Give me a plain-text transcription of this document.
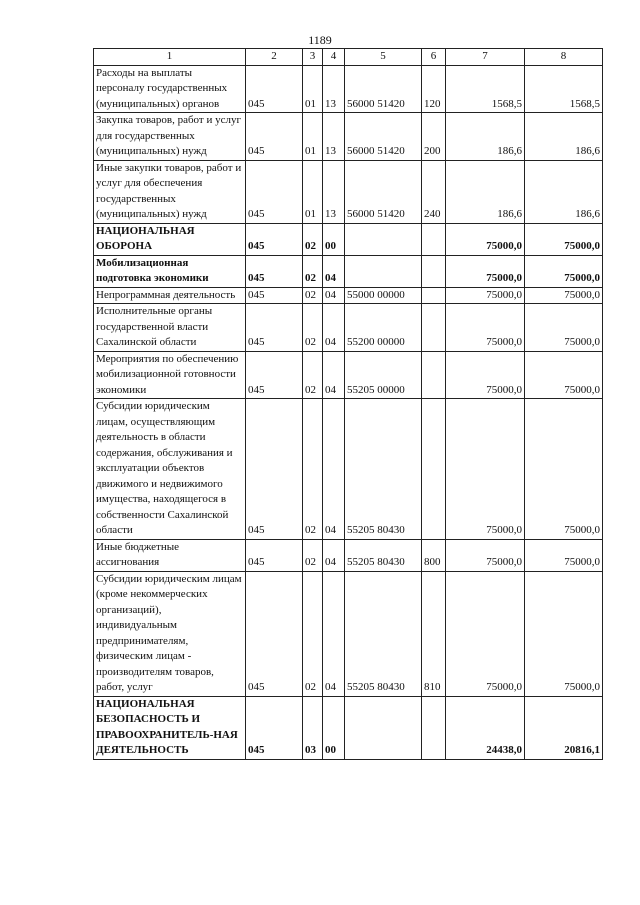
1189
1	2	3	4	5	6	7	8
Расходы на выплаты персоналу государственных (муниципальных) органов	045	01	13	56000 51420	120	1568,5	1568,5
Закупка товаров, работ и услуг для государственных (муниципальных) нужд	045	01	13	56000 51420	200	186,6	186,6
Иные закупки товаров, работ и услуг для обеспечения государственных (муниципальных) нужд	045	01	13	56000 51420	240	186,6	186,6
НАЦИОНАЛЬНАЯ ОБОРОНА	045	02	00			75000,0	75000,0
Мобилизационная подготовка экономики	045	02	04			75000,0	75000,0
Непрограммная деятельность	045	02	04	55000 00000		75000,0	75000,0
Исполнительные органы государственной власти Сахалинской области	045	02	04	55200 00000		75000,0	75000,0
Мероприятия по обеспечению мобилизационной готовности экономики	045	02	04	55205 00000		75000,0	75000,0
Субсидии юридическим лицам, осуществляющим деятельность в области содержания, обслуживания и эксплуатации объектов движимого и недвижимого имущества, находящегося в собственности Сахалинской области	045	02	04	55205 80430		75000,0	75000,0
Иные бюджетные ассигнования	045	02	04	55205 80430	800	75000,0	75000,0
Субсидии юридическим лицам (кроме некоммерческих организаций), индивидуальным предпринимателям, физическим лицам - производителям товаров, работ, услуг	045	02	04	55205 80430	810	75000,0	75000,0
НАЦИОНАЛЬНАЯ БЕЗОПАСНОСТЬ И ПРАВООХРАНИТЕЛЬ-НАЯ ДЕЯТЕЛЬНОСТЬ	045	03	00			24438,0	20816,1
